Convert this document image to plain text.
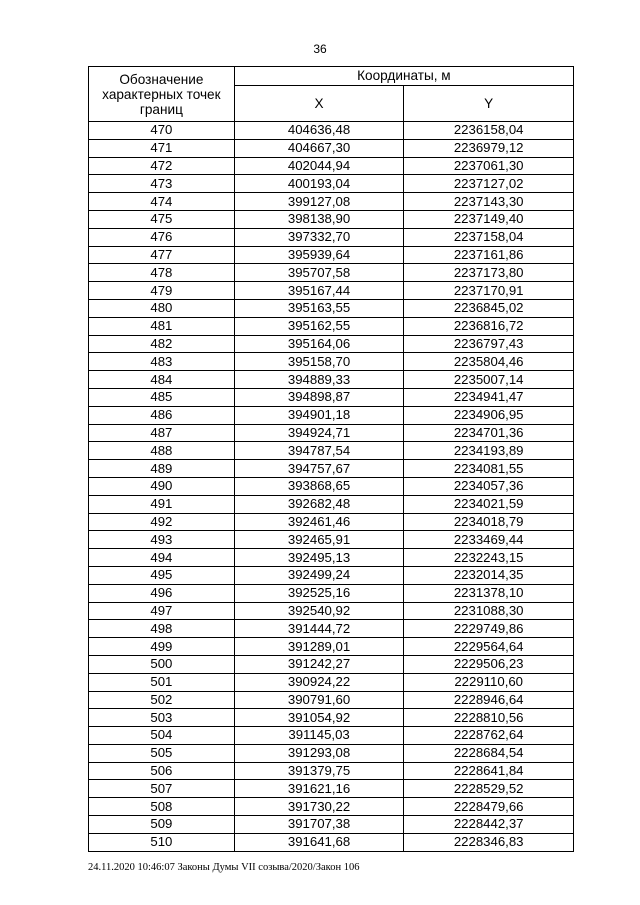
36
Обозначение характерных точек границ	Координаты, м	
	X	Y
470	404636,48	2236158,04
471	404667,30	2236979,12
472	402044,94	2237061,30
473	400193,04	2237127,02
474	399127,08	2237143,30
475	398138,90	2237149,40
476	397332,70	2237158,04
477	395939,64	2237161,86
478	395707,58	2237173,80
479	395167,44	2237170,91
480	395163,55	2236845,02
481	395162,55	2236816,72
482	395164,06	2236797,43
483	395158,70	2235804,46
484	394889,33	2235007,14
485	394898,87	2234941,47
486	394901,18	2234906,95
487	394924,71	2234701,36
488	394787,54	2234193,89
489	394757,67	2234081,55
490	393868,65	2234057,36
491	392682,48	2234021,59
492	392461,46	2234018,79
493	392465,91	2233469,44
494	392495,13	2232243,15
495	392499,24	2232014,35
496	392525,16	2231378,10
497	392540,92	2231088,30
498	391444,72	2229749,86
499	391289,01	2229564,64
500	391242,27	2229506,23
501	390924,22	2229110,60
502	390791,60	2228946,64
503	391054,92	2228810,56
504	391145,03	2228762,64
505	391293,08	2228684,54
506	391379,75	2228641,84
507	391621,16	2228529,52
508	391730,22	2228479,66
509	391707,38	2228442,37
510	391641,68	2228346,83
24.11.2020 10:46:07 Законы Думы VII созыва/2020/Закон 106
